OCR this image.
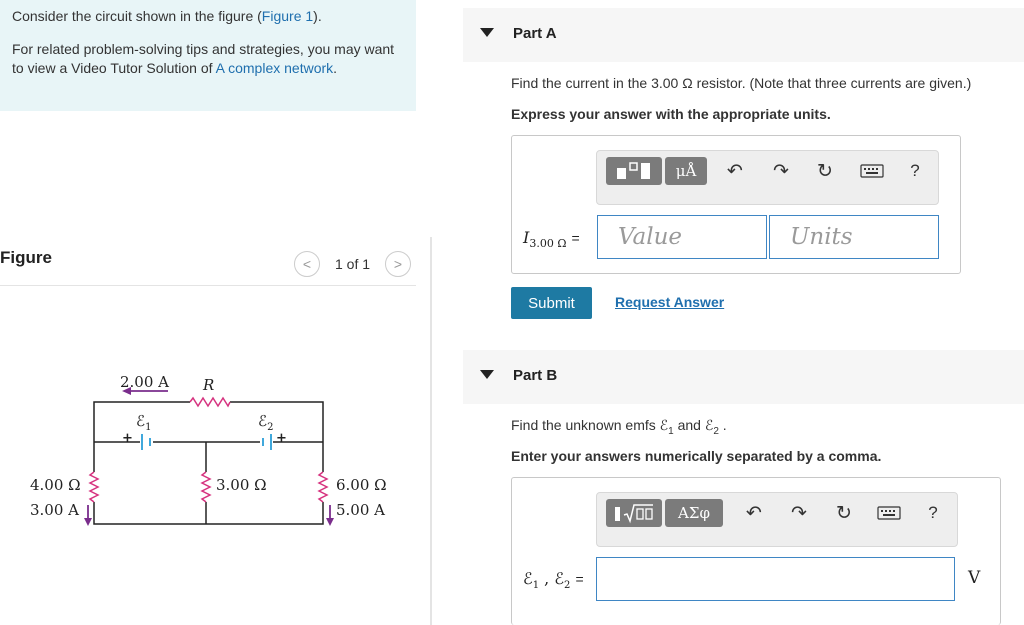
Consider the circuit shown in the figure (Figure 1).

For related problem-solving tips and strategies, you may want to view a Video Tutor Solution of A complex network.

Figure	< 1 of 1 >
2.00 A R
ℰ$_1$	ℰ$_2$
+	+
4.00 Ω
3.00 A
3.00 Ω	6.00 Ω
5.00 A
Part A
Find the current in the 3.00 Ω resistor. (Note that three currents are given.)
Express your answer with the appropriate units.
μÅ	↶ ↷ ↻	?
$I_{3.00 \Omega}$ =	Value	Units
Submit	Request Answer
Part B
Find the unknown emfs ℰ$_1$ and ℰ$_2$ .
Enter your answers numerically separated by a comma.
ΑΣφ	↶ ↷ ↻	?
ℰ$_1$ , ℰ$_2$ =	V
